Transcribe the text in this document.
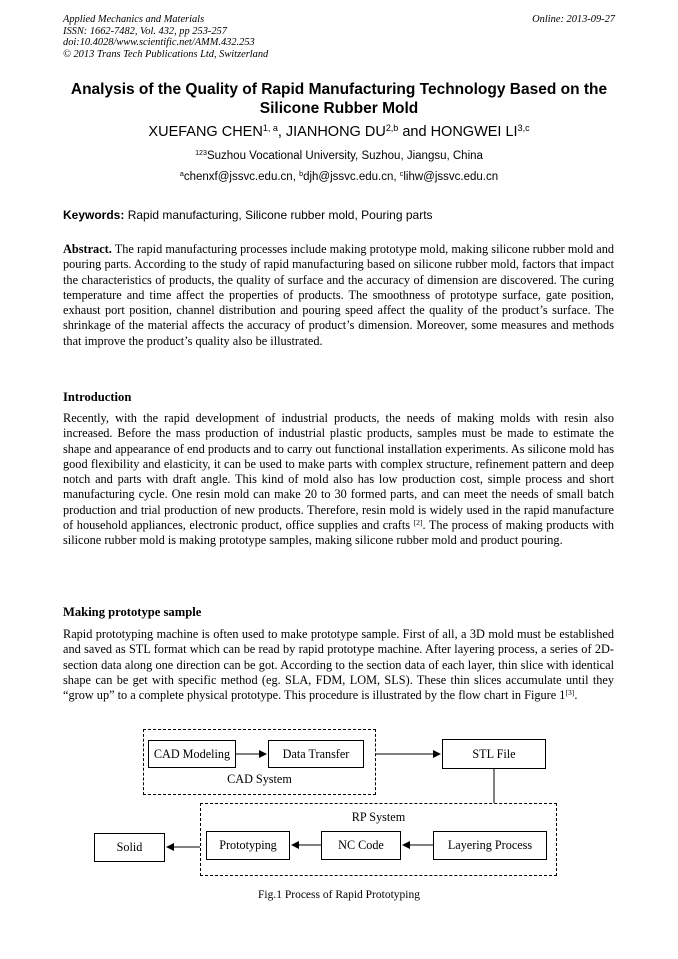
Applied Mechanics and Materials
ISSN: 1662-7482, Vol. 432, pp 253-257
doi:10.4028/www.scientific.net/AMM.432.253
© 2013 Trans Tech Publications Ltd, Switzerland
Online: 2013-09-27
Analysis of the Quality of Rapid Manufacturing Technology Based on the Silicone Rubber Mold
XUEFANG CHEN$^{1, a}$, JIANHONG DU$^{2,b}$ and HONGWEI LI$^{3,c}$
$^{123}$Suzhou Vocational University, Suzhou, Jiangsu, China
$^a$chenxf@jssvc.edu.cn, $^b$djh@jssvc.edu.cn, $^c$lihw@jssvc.edu.cn
Keywords: Rapid manufacturing, Silicone rubber mold, Pouring parts
Abstract. The rapid manufacturing processes include making prototype mold, making silicone rubber mold and pouring parts. According to the study of rapid manufacturing based on silicone rubber mold, factors that impact the characteristics of products, the quality of surface and the accuracy of dimension are discovered. The curing temperature and time affect the properties of products. The smoothness of prototype surface, gate position, exhaust port position, channel distribution and pouring speed affect the quality of the product’s surface. The shrinkage of the material affects the accuracy of product’s dimension. Moreover, some measures and methods that improve the product’s quality also be illustrated.
Introduction
Recently, with the rapid development of industrial products, the needs of making molds with resin also increased. Before the mass production of industrial plastic products, samples must be made to estimate the shape and appearance of end products and to carry out functional installation experiments. As silicone mold has good flexibility and elasticity, it can be used to make parts with complex structure, refinement pattern and deep notch and parts with draft angle. This kind of mold also has low production cost, simple process and short manufacturing cycle. One resin mold can make 20 to 30 formed parts, and can meet the needs of small batch production and trial production of new products. Therefore, resin mold is widely used in the rapid manufacture of household appliances, electronic product, office supplies and crafts [2]. The process of making products with silicone rubber mold is making prototype samples, making silicone rubber mold and product pouring.
Making prototype sample
Rapid prototyping machine is often used to make prototype sample. First of all, a 3D mold must be established and saved as STL format which can be read by rapid prototype machine. After layering process, a series of 2D-section data along one direction can be got. According to the section data of each layer, thin slice with identical shape can be get with specific method (eg. SLA, FDM, LOM, SLS). These thin slices accumulate until they “grow up” to a complete physical prototype. This procedure is illustrated by the flow chart in Figure 1[3].
CAD Modeling	Data Transfer
CAD System
STL File
RP System
Prototyping	NC Code	Layering Process
Solid
Fig.1 Process of Rapid Prototyping
